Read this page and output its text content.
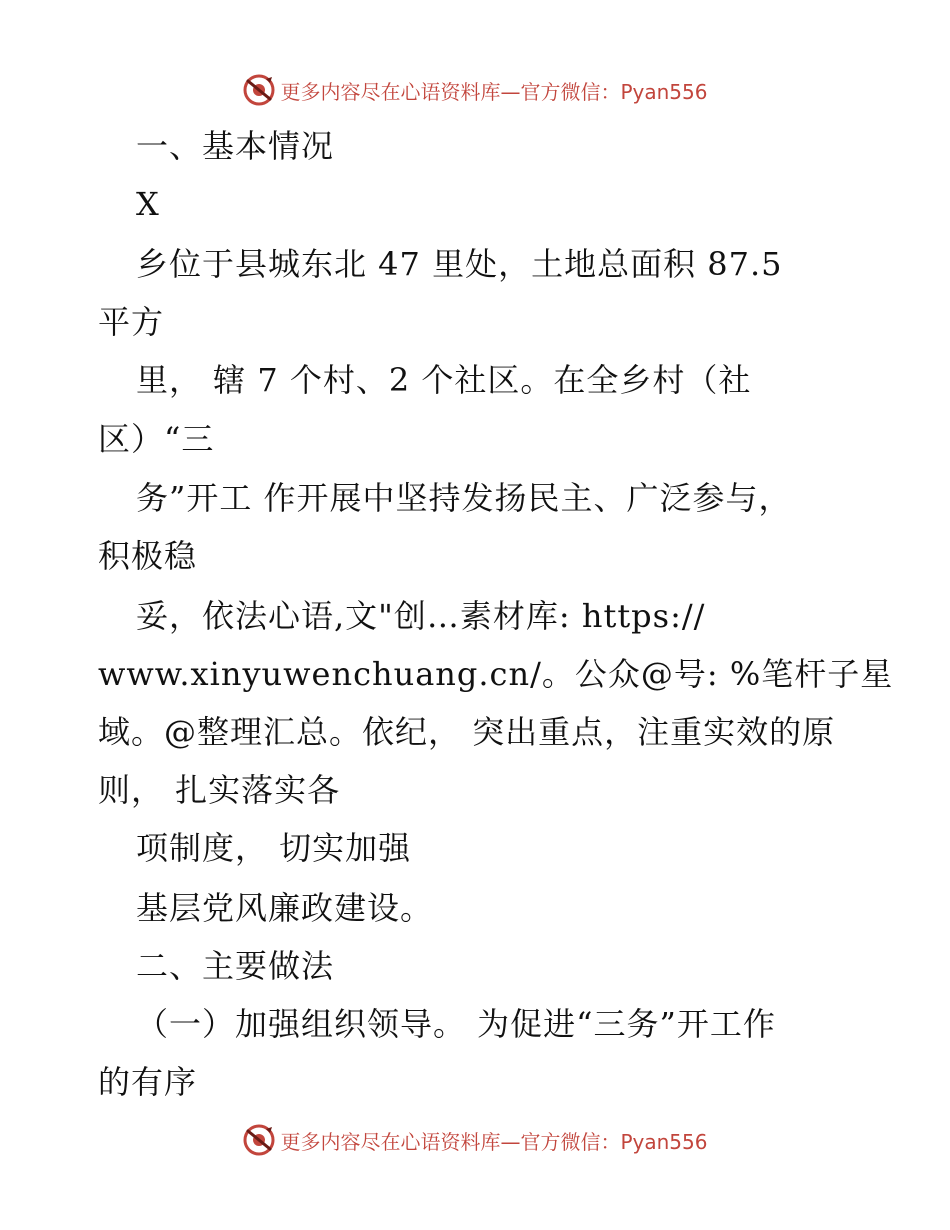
更多内容尽在心语资料库—官方微信：Pyan556
一、基本情况
X
乡位于县城东北 47 里处，土地总面积 87.5
平方
里， 辖 7 个村、2 个社区。在全乡村（社
区）“三
务”开工 作开展中坚持发扬民主、广泛参与，
积极稳
妥，依法心语,文"创…素材库: https://
www.xinyuwenchuang.cn/。公众@号: %笔杆子星
域。@整理汇总。依纪， 突出重点，注重实效的原
则， 扎实落实各
项制度， 切实加强
基层党风廉政建设。
二、主要做法
（一）加强组织领导。 为促进“三务”开工作
的有序
更多内容尽在心语资料库—官方微信：Pyan556
